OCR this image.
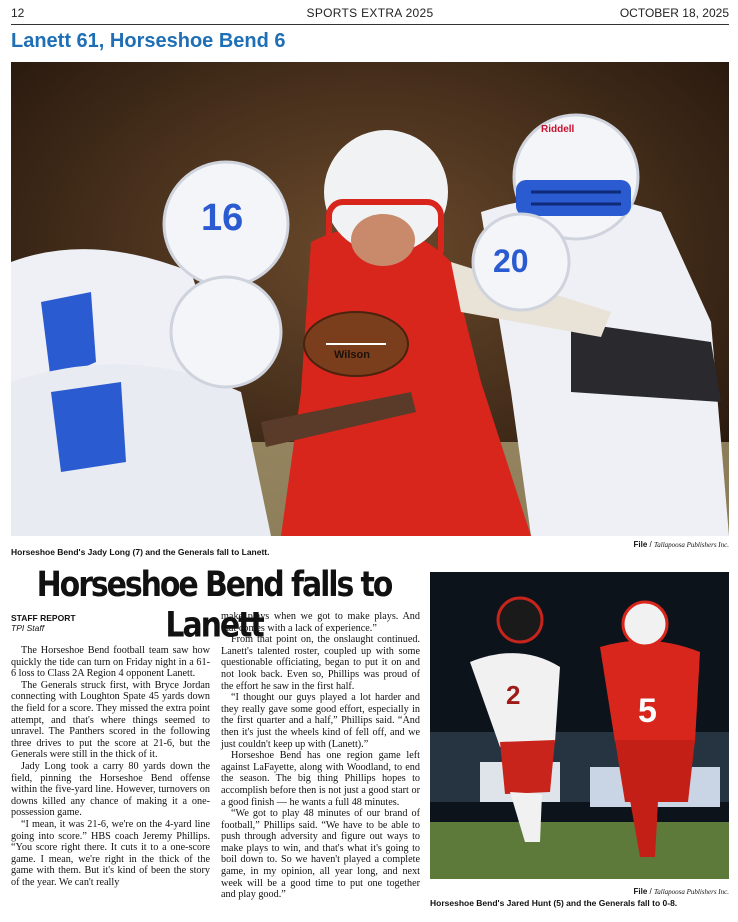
12	SPORTS EXTRA 2025	OCTOBER 18, 2025
Lanett 61, Horseshoe Bend 6
Riddell
Wilson
16
20
File / Tallapoosa Publishers Inc.
Horseshoe Bend's Jady Long (7) and the Generals fall to Lanett.
Horseshoe Bend falls to Lanett
STAFF REPORT
TPI Staff

The Horseshoe Bend football team saw how quickly the tide can turn on Friday night in a 61-6 loss to Class 2A Region 4 opponent Lanett.

The Generals struck first, with Bryce Jordan connecting with Loughton Spate 45 yards down the field for a score. They missed the extra point attempt, and that's where things seemed to unravel. The Panthers scored in the following three drives to put the score at 21-6, but the Generals were still in the thick of it.

Jady Long took a carry 80 yards down the field, pinning the Horseshoe Bend offense within the five-yard line. However, turnovers on downs killed any chance of making it a one-possession game.

“I mean, it was 21-6, we're on the 4-yard line going into score.” HBS coach Jeremy Phillips. “You score right there. It cuts it to a one-score game. I mean, we're right in the thick of the game with them. But it's kind of been the story of the year. We can't really

make plays when we got to make plays. And that comes with a lack of experience.”

From that point on, the onslaught continued. Lanett's talented roster, coupled up with some questionable officiating, began to put it on and not look back. Even so, Phillips was proud of the effort he saw in the first half.

“I thought our guys played a lot harder and they really gave some good effort, especially in the first quarter and a half,” Phillips said. “And then it's just the wheels kind of fell off, and we just couldn't keep up with (Lanett).”

Horseshoe Bend has one region game left against LaFayette, along with Woodland, to end the season. The big thing Phillips hopes to accomplish before then is not just a good start or a good finish — he wants a full 48 minutes.

“We got to play 48 minutes of our brand of football,” Phillips said. “We have to be able to push through adversity and figure out ways to make plays to win, and that's what it's going to boil down to. So we haven't played a complete game, in my opinion, all year long, and next week will be a good time to put one together and play good.”

2	5
File / Tallapoosa Publishers Inc.
Horseshoe Bend's Jared Hunt (5) and the Generals fall to 0-8.
